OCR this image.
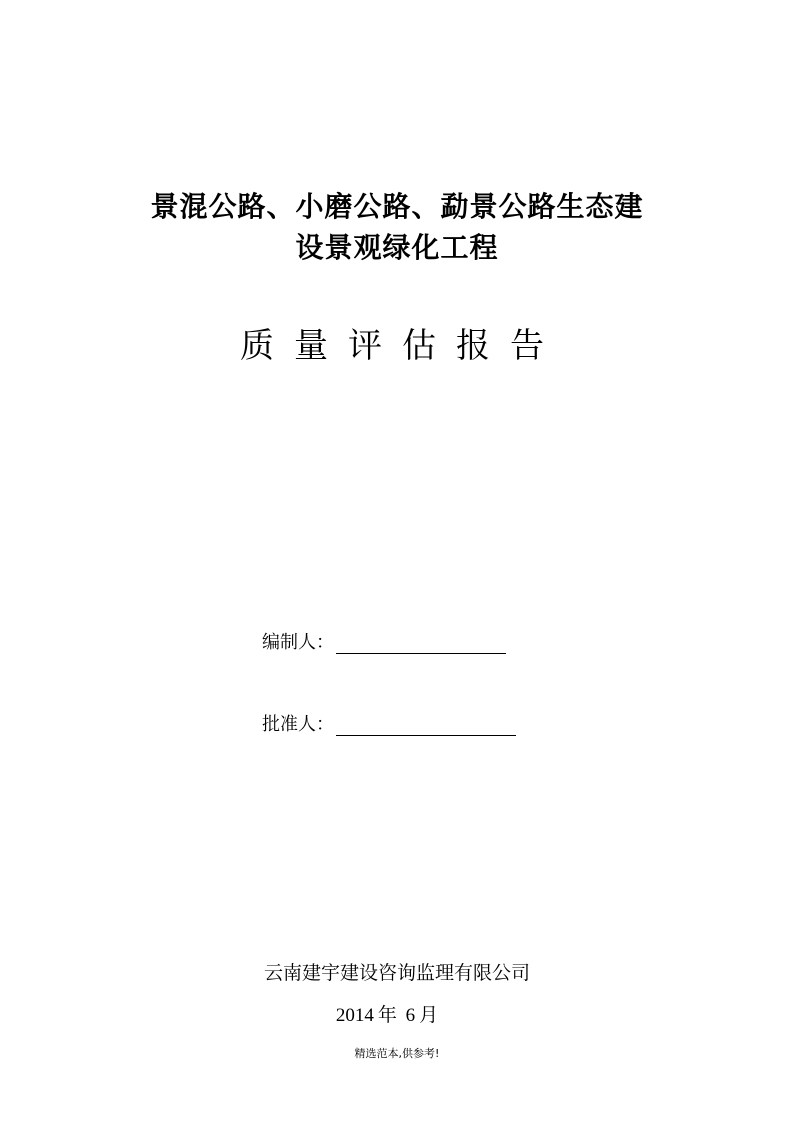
景混公路、小磨公路、勐景公路生态建
设景观绿化工程
质量评估报告
编制人：
批准人：
云南建宇建设咨询监理有限公司
2014 年 6 月
精选范本,供参考!
